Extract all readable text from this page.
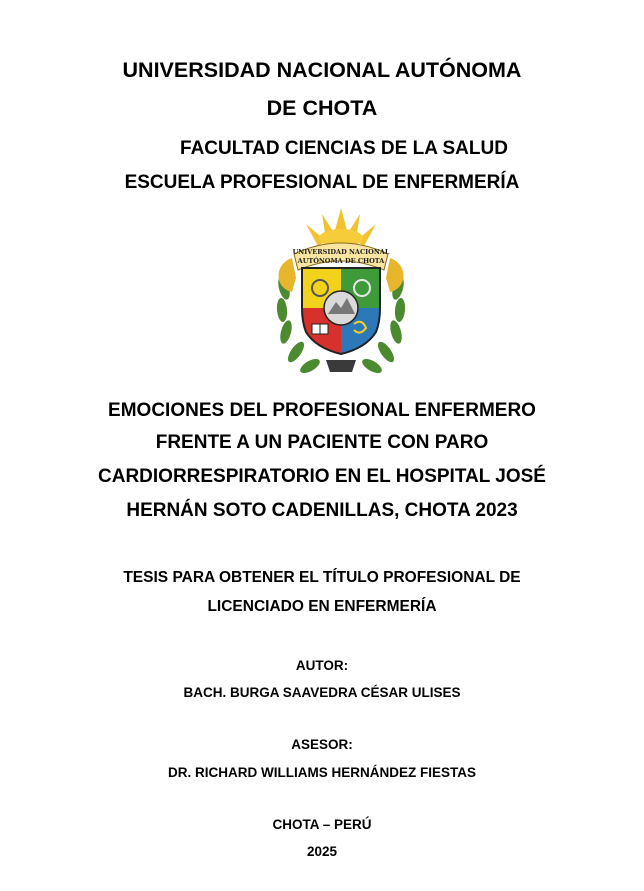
UNIVERSIDAD NACIONAL AUTÓNOMA
DE CHOTA
FACULTAD CIENCIAS DE LA SALUD
ESCUELA PROFESIONAL DE ENFERMERÍA
UNIVERSIDAD NACIONAL
AUTÓNOMA DE CHOTA
EMOCIONES DEL PROFESIONAL ENFERMERO
FRENTE A UN PACIENTE CON PARO
CARDIORRESPIRATORIO EN EL HOSPITAL JOSÉ
HERNÁN SOTO CADENILLAS, CHOTA 2023
TESIS PARA OBTENER EL TÍTULO PROFESIONAL DE
LICENCIADO EN ENFERMERÍA
AUTOR:
BACH. BURGA SAAVEDRA CÉSAR ULISES
ASESOR:
DR. RICHARD WILLIAMS HERNÁNDEZ FIESTAS
CHOTA – PERÚ
2025
